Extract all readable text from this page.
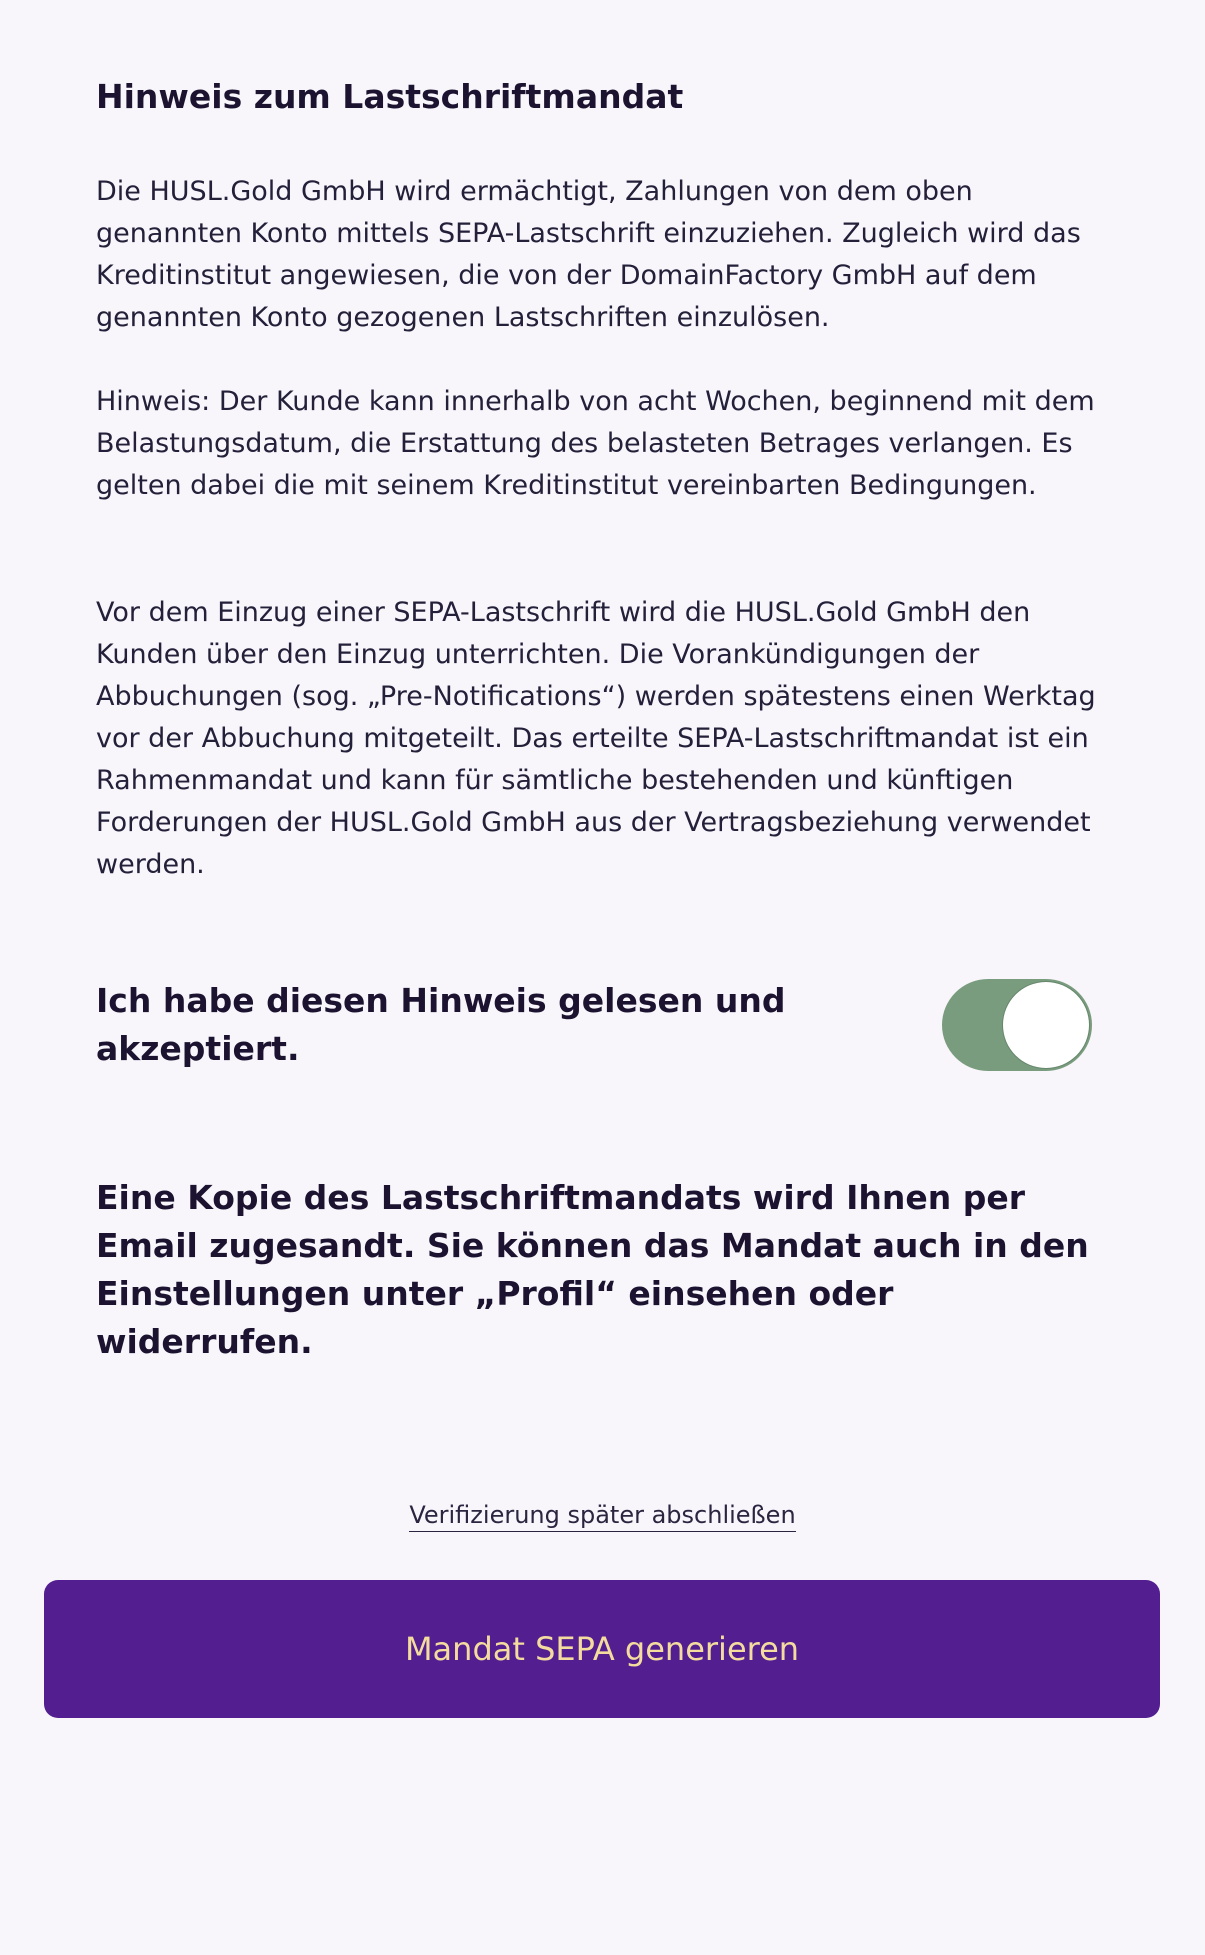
Hinweis zum Lastschriftmandat

Die HUSL.Gold GmbH wird ermächtigt, Zahlungen von dem oben genannten Konto mittels SEPA-Lastschrift einzuziehen. Zugleich wird das Kreditinstitut angewiesen, die von der DomainFactory GmbH auf dem genannten Konto gezogenen Lastschriften einzulösen.

Hinweis: Der Kunde kann innerhalb von acht Wochen, beginnend mit dem Belastungsdatum, die Erstattung des belasteten Betrages verlangen. Es gelten dabei die mit seinem Kreditinstitut vereinbarten Bedingungen.

Vor dem Einzug einer SEPA-Lastschrift wird die HUSL.Gold GmbH den Kunden über den Einzug unterrichten. Die Vorankündigungen der Abbuchungen (sog. „Pre-Notifications“) werden spätestens einen Werktag vor der Abbuchung mitgeteilt. Das erteilte SEPA-Lastschriftmandat ist ein Rahmenmandat und kann für sämtliche bestehenden und künftigen Forderungen der HUSL.Gold GmbH aus der Vertragsbeziehung verwendet werden.

Ich habe diesen Hinweis gelesen und akzeptiert.

Eine Kopie des Lastschriftmandats wird Ihnen per Email zugesandt. Sie können das Mandat auch in den Einstellungen unter „Profil“ einsehen oder widerrufen.

Verifizierung später abschließen
Mandat SEPA generieren
